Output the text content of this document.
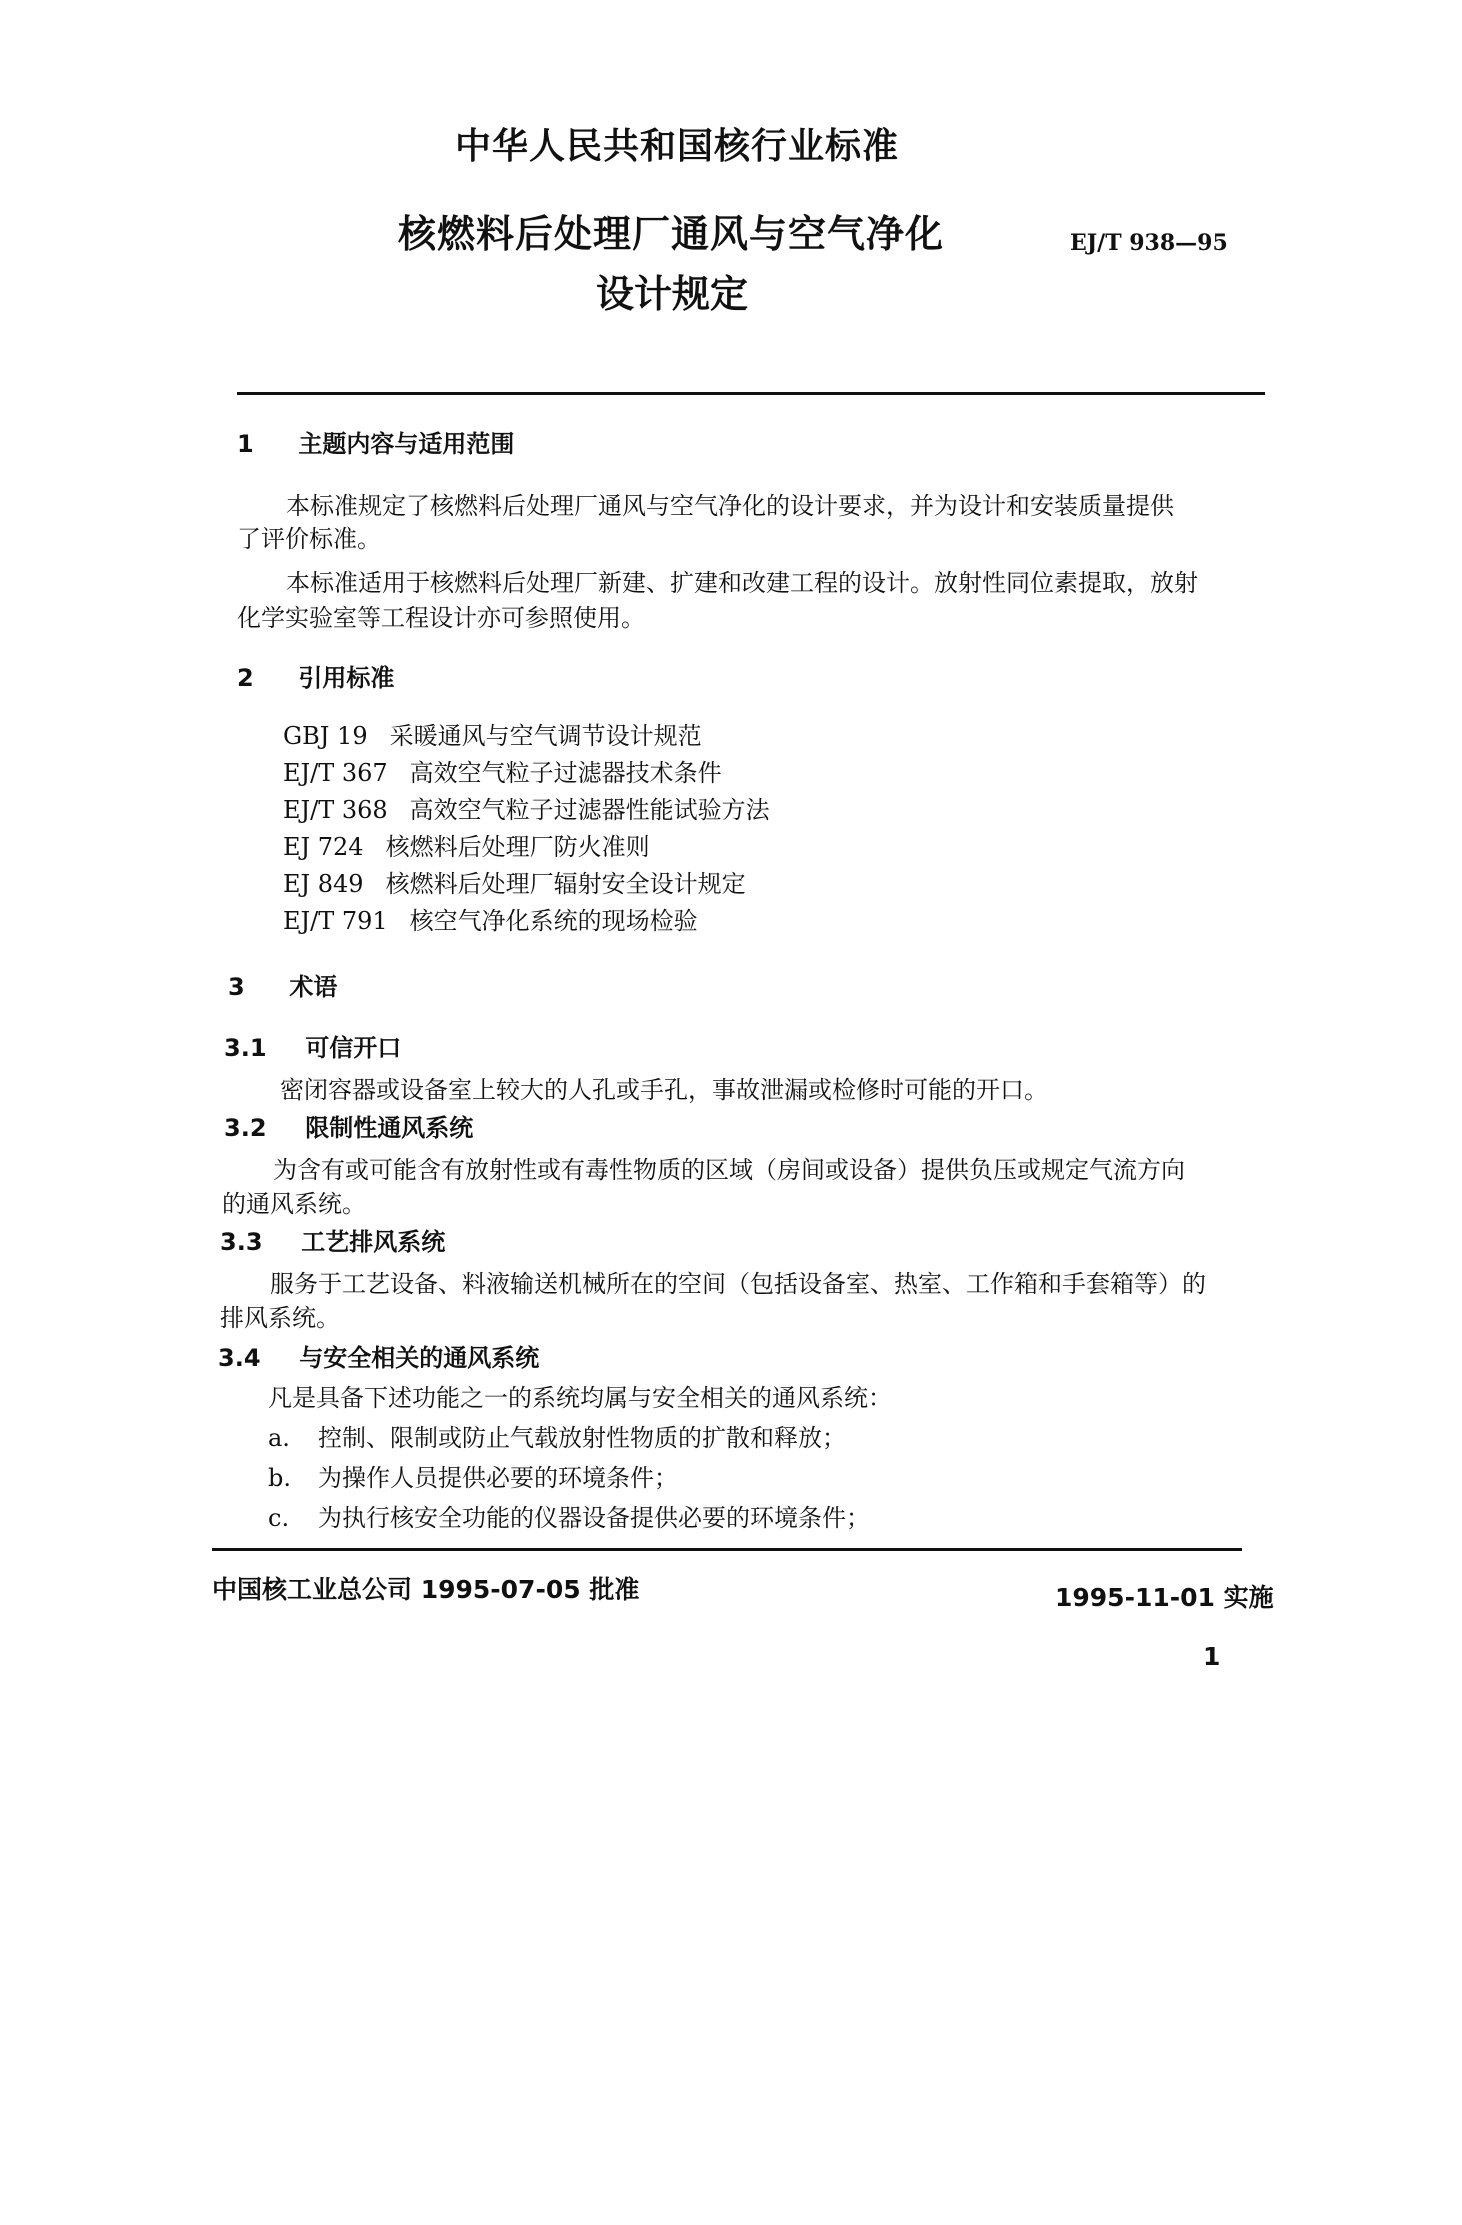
中华人民共和国核行业标准
核燃料后处理厂通风与空气净化
设计规定
EJ/T 938—95
1 主题内容与适用范围
本标准规定了核燃料后处理厂通风与空气净化的设计要求，并为设计和安装质量提供
了评价标准。
本标准适用于核燃料后处理厂新建、扩建和改建工程的设计。放射性同位素提取，放射
化学实验室等工程设计亦可参照使用。
2 引用标准
GBJ 19 采暖通风与空气调节设计规范
EJ/T 367 高效空气粒子过滤器技术条件
EJ/T 368 高效空气粒子过滤器性能试验方法
EJ 724 核燃料后处理厂防火准则
EJ 849 核燃料后处理厂辐射安全设计规定
EJ/T 791 核空气净化系统的现场检验
3 术语
3.1 可信开口
密闭容器或设备室上较大的人孔或手孔，事故泄漏或检修时可能的开口。
3.2 限制性通风系统
为含有或可能含有放射性或有毒性物质的区域（房间或设备）提供负压或规定气流方向
的通风系统。
3.3 工艺排风系统
服务于工艺设备、料液输送机械所在的空间（包括设备室、热室、工作箱和手套箱等）的
排风系统。
3.4 与安全相关的通风系统
凡是具备下述功能之一的系统均属与安全相关的通风系统：
a. 控制、限制或防止气载放射性物质的扩散和释放；
b. 为操作人员提供必要的环境条件；
c. 为执行核安全功能的仪器设备提供必要的环境条件；
中国核工业总公司 1995-07-05 批准	1995-11-01 实施
1
